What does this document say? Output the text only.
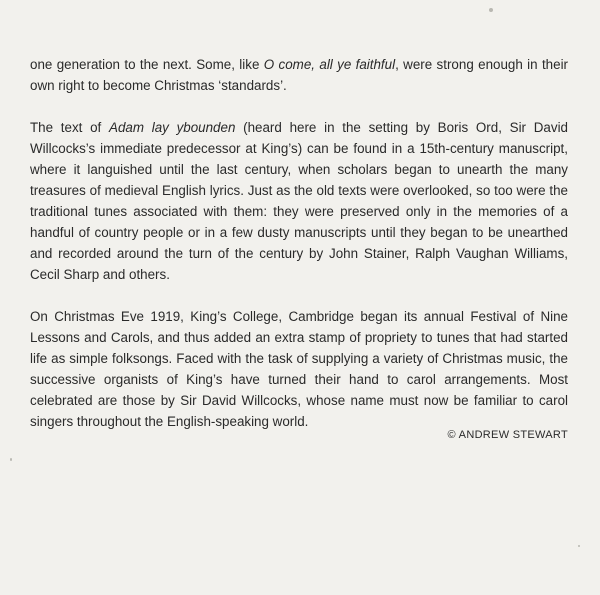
one generation to the next. Some, like O come, all ye faithful, were strong enough in their own right to become Christmas ‘standards’.

The text of Adam lay ybounden (heard here in the setting by Boris Ord, Sir David Willcocks’s immediate predecessor at King’s) can be found in a 15th-century manuscript, where it languished until the last century, when scholars began to unearth the many treasures of medieval English lyrics. Just as the old texts were overlooked, so too were the traditional tunes associated with them: they were preserved only in the memories of a handful of country people or in a few dusty manuscripts until they began to be unearthed and recorded around the turn of the century by John Stainer, Ralph Vaughan Williams, Cecil Sharp and others.

On Christmas Eve 1919, King’s College, Cambridge began its annual Festival of Nine Lessons and Carols, and thus added an extra stamp of propriety to tunes that had started life as simple folksongs. Faced with the task of supplying a variety of Christmas music, the successive organists of King’s have turned their hand to carol arrangements. Most celebrated are those by Sir David Willcocks, whose name must now be familiar to carol singers throughout the English-speaking world.

© ANDREW STEWART
